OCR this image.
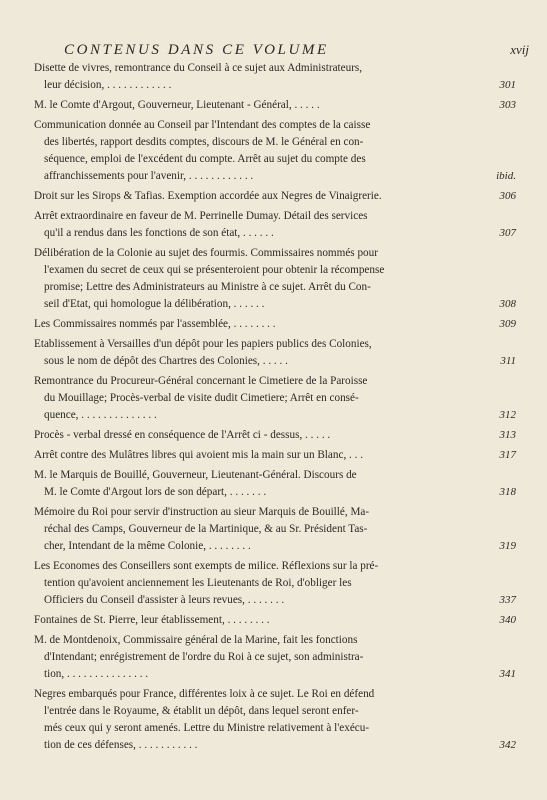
CONTENUS DANS CE VOLUME	xvij
Disette de vivres, remontrance du Conseil à ce sujet aux Administrateurs,
leur décision, . . . . . . . . . . . .	301
M. le Comte d'Argout, Gouverneur, Lieutenant - Général, . . . . .	303
Communication donnée au Conseil par l'Intendant des comptes de la caisse
des libertés, rapport desdits comptes, discours de M. le Général en con-
séquence, emploi de l'excédent du compte. Arrêt au sujet du compte des
affranchissements pour l'avenir, . . . . . . . . . . . .	ibid.
Droit sur les Sirops & Tafias. Exemption accordée aux Negres de Vinaigrerie.	306
Arrêt extraordinaire en faveur de M. Perrinelle Dumay. Détail des services
qu'il a rendus dans les fonctions de son état, . . . . . .	307
Délibération de la Colonie au sujet des fourmis. Commissaires nommés pour
l'examen du secret de ceux qui se présenteroient pour obtenir la récompense
promise; Lettre des Administrateurs au Ministre à ce sujet. Arrêt du Con-
seil d'Etat, qui homologue la délibération, . . . . . .	308
Les Commissaires nommés par l'assemblée, . . . . . . . .	309
Etablissement à Versailles d'un dépôt pour les papiers publics des Colonies,
sous le nom de dépôt des Chartres des Colonies, . . . . .	311
Remontrance du Procureur-Général concernant le Cimetiere de la Paroisse
du Mouillage; Procès-verbal de visite dudit Cimetiere; Arrêt en consé-
quence, . . . . . . . . . . . . . .	312
Procès - verbal dressé en conséquence de l'Arrêt ci - dessus, . . . . .	313
Arrêt contre des Mulâtres libres qui avoient mis la main sur un Blanc, . . .	317
M. le Marquis de Bouillé, Gouverneur, Lieutenant-Général. Discours de
M. le Comte d'Argout lors de son départ, . . . . . . .	318
Mémoire du Roi pour servir d'instruction au sieur Marquis de Bouillé, Ma-
réchal des Camps, Gouverneur de la Martinique, & au Sr. Président Tas-
cher, Intendant de la même Colonie, . . . . . . . .	319
Les Economes des Conseillers sont exempts de milice. Réflexions sur la pré-
tention qu'avoient anciennement les Lieutenants de Roi, d'obliger les
Officiers du Conseil d'assister à leurs revues, . . . . . . .	337
Fontaines de St. Pierre, leur établissement, . . . . . . . .	340
M. de Montdenoix, Commissaire général de la Marine, fait les fonctions
d'Intendant; enrégistrement de l'ordre du Roi à ce sujet, son administra-
tion, . . . . . . . . . . . . . . .	341
Negres embarqués pour France, différentes loix à ce sujet. Le Roi en défend
l'entrée dans le Royaume, & établit un dépôt, dans lequel seront enfer-
més ceux qui y seront amenés. Lettre du Ministre relativement à l'exécu-
tion de ces défenses, . . . . . . . . . . .	342
